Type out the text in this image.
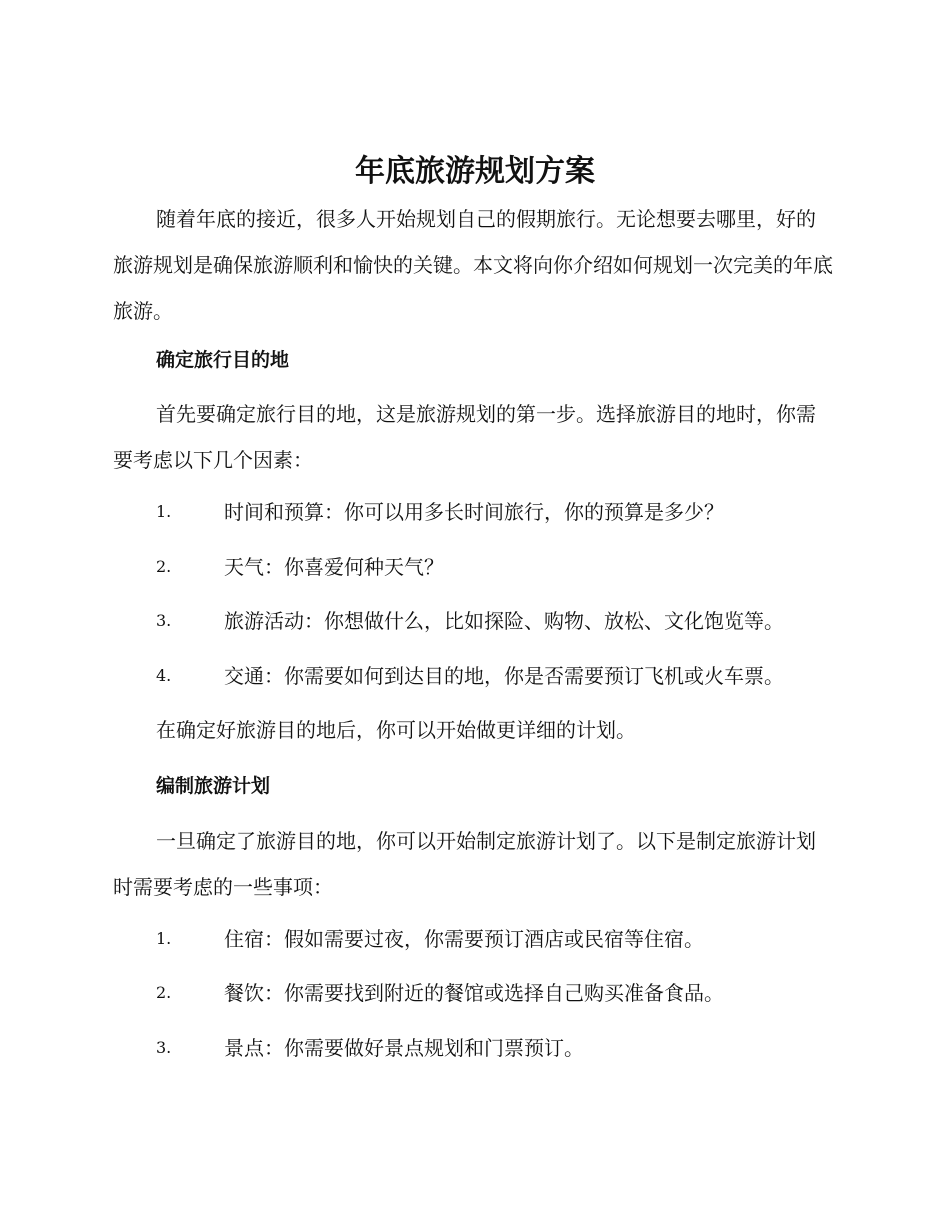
年底旅游规划方案

随着年底的接近，很多人开始规划自己的假期旅行。无论想要去哪里，好的旅游规划是确保旅游顺利和愉快的关键。本文将向你介绍如何规划一次完美的年底旅游。

确定旅行目的地

首先要确定旅行目的地，这是旅游规划的第一步。选择旅游目的地时，你需要考虑以下几个因素：

1.	时间和预算：你可以用多长时间旅行，你的预算是多少？
2.	天气：你喜爱何种天气？
3.	旅游活动：你想做什么，比如探险、购物、放松、文化饱览等。
4.	交通：你需要如何到达目的地，你是否需要预订飞机或火车票。

在确定好旅游目的地后，你可以开始做更详细的计划。

编制旅游计划

一旦确定了旅游目的地，你可以开始制定旅游计划了。以下是制定旅游计划时需要考虑的一些事项：

1.	住宿：假如需要过夜，你需要预订酒店或民宿等住宿。
2.	餐饮：你需要找到附近的餐馆或选择自己购买准备食品。
3.	景点：你需要做好景点规划和门票预订。
